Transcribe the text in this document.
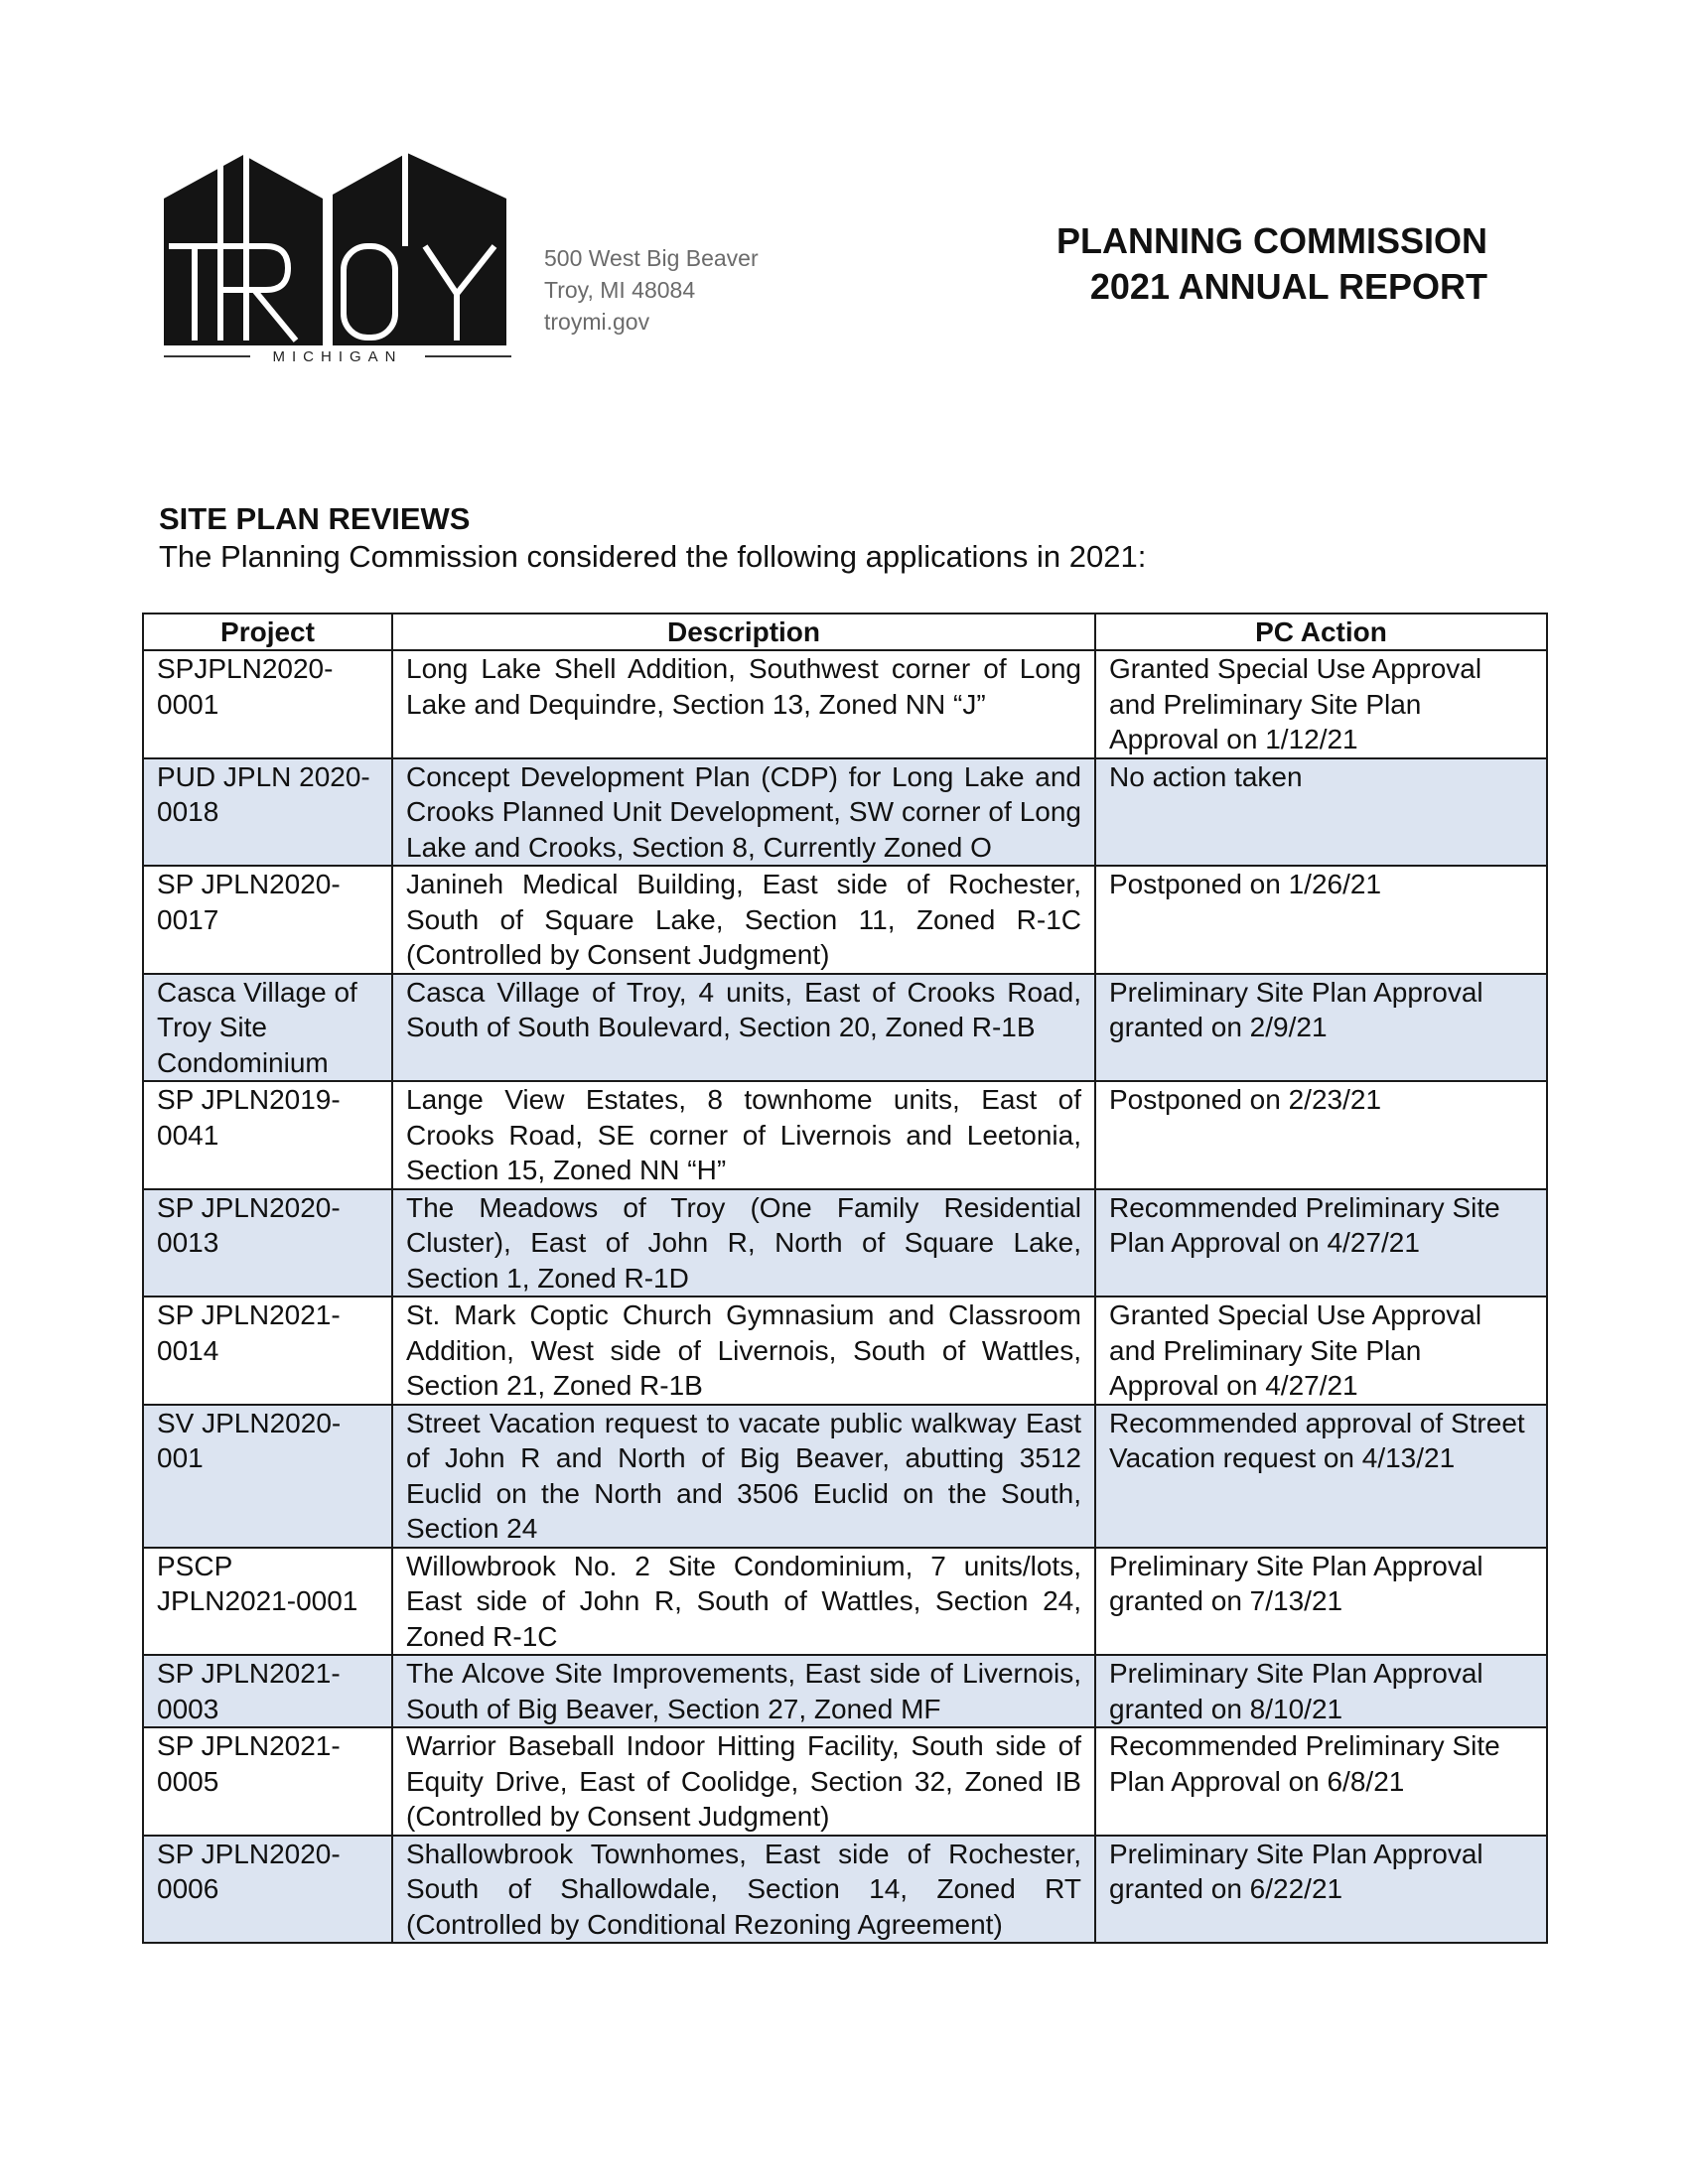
MICHIGAN
500 West Big Beaver
Troy, MI 48084
troymi.gov
PLANNING COMMISSION
2021 ANNUAL REPORT
SITE PLAN REVIEWS
The Planning Commission considered the following applications in 2021:
Project	Description	PC Action
SPJPLN2020-0001	Long Lake Shell Addition, Southwest corner of Long Lake and Dequindre, Section 13, Zoned NN “J”	Granted Special Use Approval and Preliminary Site Plan Approval on 1/12/21
PUD JPLN 2020-0018	Concept Development Plan (CDP) for Long Lake and Crooks Planned Unit Development, SW corner of Long Lake and Crooks, Section 8, Currently Zoned O	No action taken
SP JPLN2020-0017	Janineh Medical Building, East side of Rochester, South of Square Lake, Section 11, Zoned R-1C (Controlled by Consent Judgment)	Postponed on 1/26/21
Casca Village of Troy Site Condominium	Casca Village of Troy, 4 units, East of Crooks Road, South of South Boulevard, Section 20, Zoned R-1B	Preliminary Site Plan Approval granted on 2/9/21
SP JPLN2019-0041	Lange View Estates, 8 townhome units, East of Crooks Road, SE corner of Livernois and Leetonia, Section 15, Zoned NN “H”	Postponed on 2/23/21
SP JPLN2020-0013	The Meadows of Troy (One Family Residential Cluster), East of John R, North of Square Lake, Section 1, Zoned R-1D	Recommended Preliminary Site Plan Approval on 4/27/21
SP JPLN2021-0014	St. Mark Coptic Church Gymnasium and Classroom Addition, West side of Livernois, South of Wattles, Section 21, Zoned R-1B	Granted Special Use Approval and Preliminary Site Plan Approval on 4/27/21
SV JPLN2020-001	Street Vacation request to vacate public walkway East of John R and North of Big Beaver, abutting 3512 Euclid on the North and 3506 Euclid on the South, Section 24	Recommended approval of Street Vacation request on 4/13/21
PSCP JPLN2021-0001	Willowbrook No. 2 Site Condominium, 7 units/lots, East side of John R, South of Wattles, Section 24, Zoned R-1C	Preliminary Site Plan Approval granted on 7/13/21
SP JPLN2021-0003	The Alcove Site Improvements, East side of Livernois, South of Big Beaver, Section 27, Zoned MF	Preliminary Site Plan Approval granted on 8/10/21
SP JPLN2021-0005	Warrior Baseball Indoor Hitting Facility, South side of Equity Drive, East of Coolidge, Section 32, Zoned IB (Controlled by Consent Judgment)	Recommended Preliminary Site Plan Approval on 6/8/21
SP JPLN2020-0006	Shallowbrook Townhomes, East side of Rochester, South of Shallowdale, Section 14, Zoned RT (Controlled by Conditional Rezoning Agreement)	Preliminary Site Plan Approval granted on 6/22/21
